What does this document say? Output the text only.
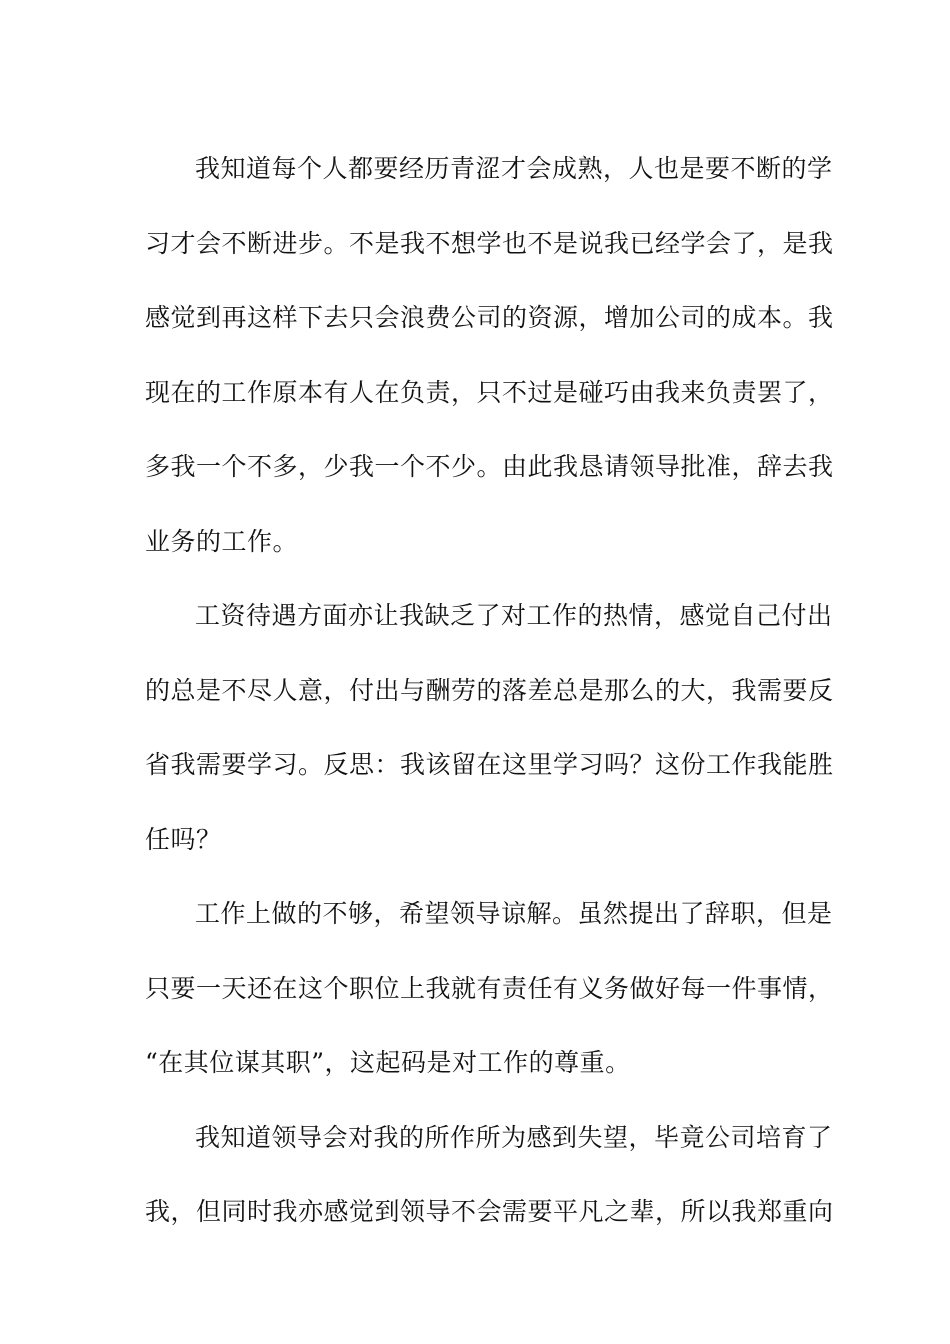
我知道每个人都要经历青涩才会成熟，人也是要不断的学
习才会不断进步。不是我不想学也不是说我已经学会了，是我
感觉到再这样下去只会浪费公司的资源，增加公司的成本。我
现在的工作原本有人在负责，只不过是碰巧由我来负责罢了，
多我一个不多，少我一个不少。由此我恳请领导批准，辞去我
业务的工作。

工资待遇方面亦让我缺乏了对工作的热情，感觉自己付出
的总是不尽人意，付出与酬劳的落差总是那么的大，我需要反
省我需要学习。反思：我该留在这里学习吗？这份工作我能胜
任吗？

工作上做的不够，希望领导谅解。虽然提出了辞职，但是
只要一天还在这个职位上我就有责任有义务做好每一件事情，
“在其位谋其职”，这起码是对工作的尊重。

我知道领导会对我的所作所为感到失望，毕竟公司培育了
我，但同时我亦感觉到领导不会需要平凡之辈，所以我郑重向
